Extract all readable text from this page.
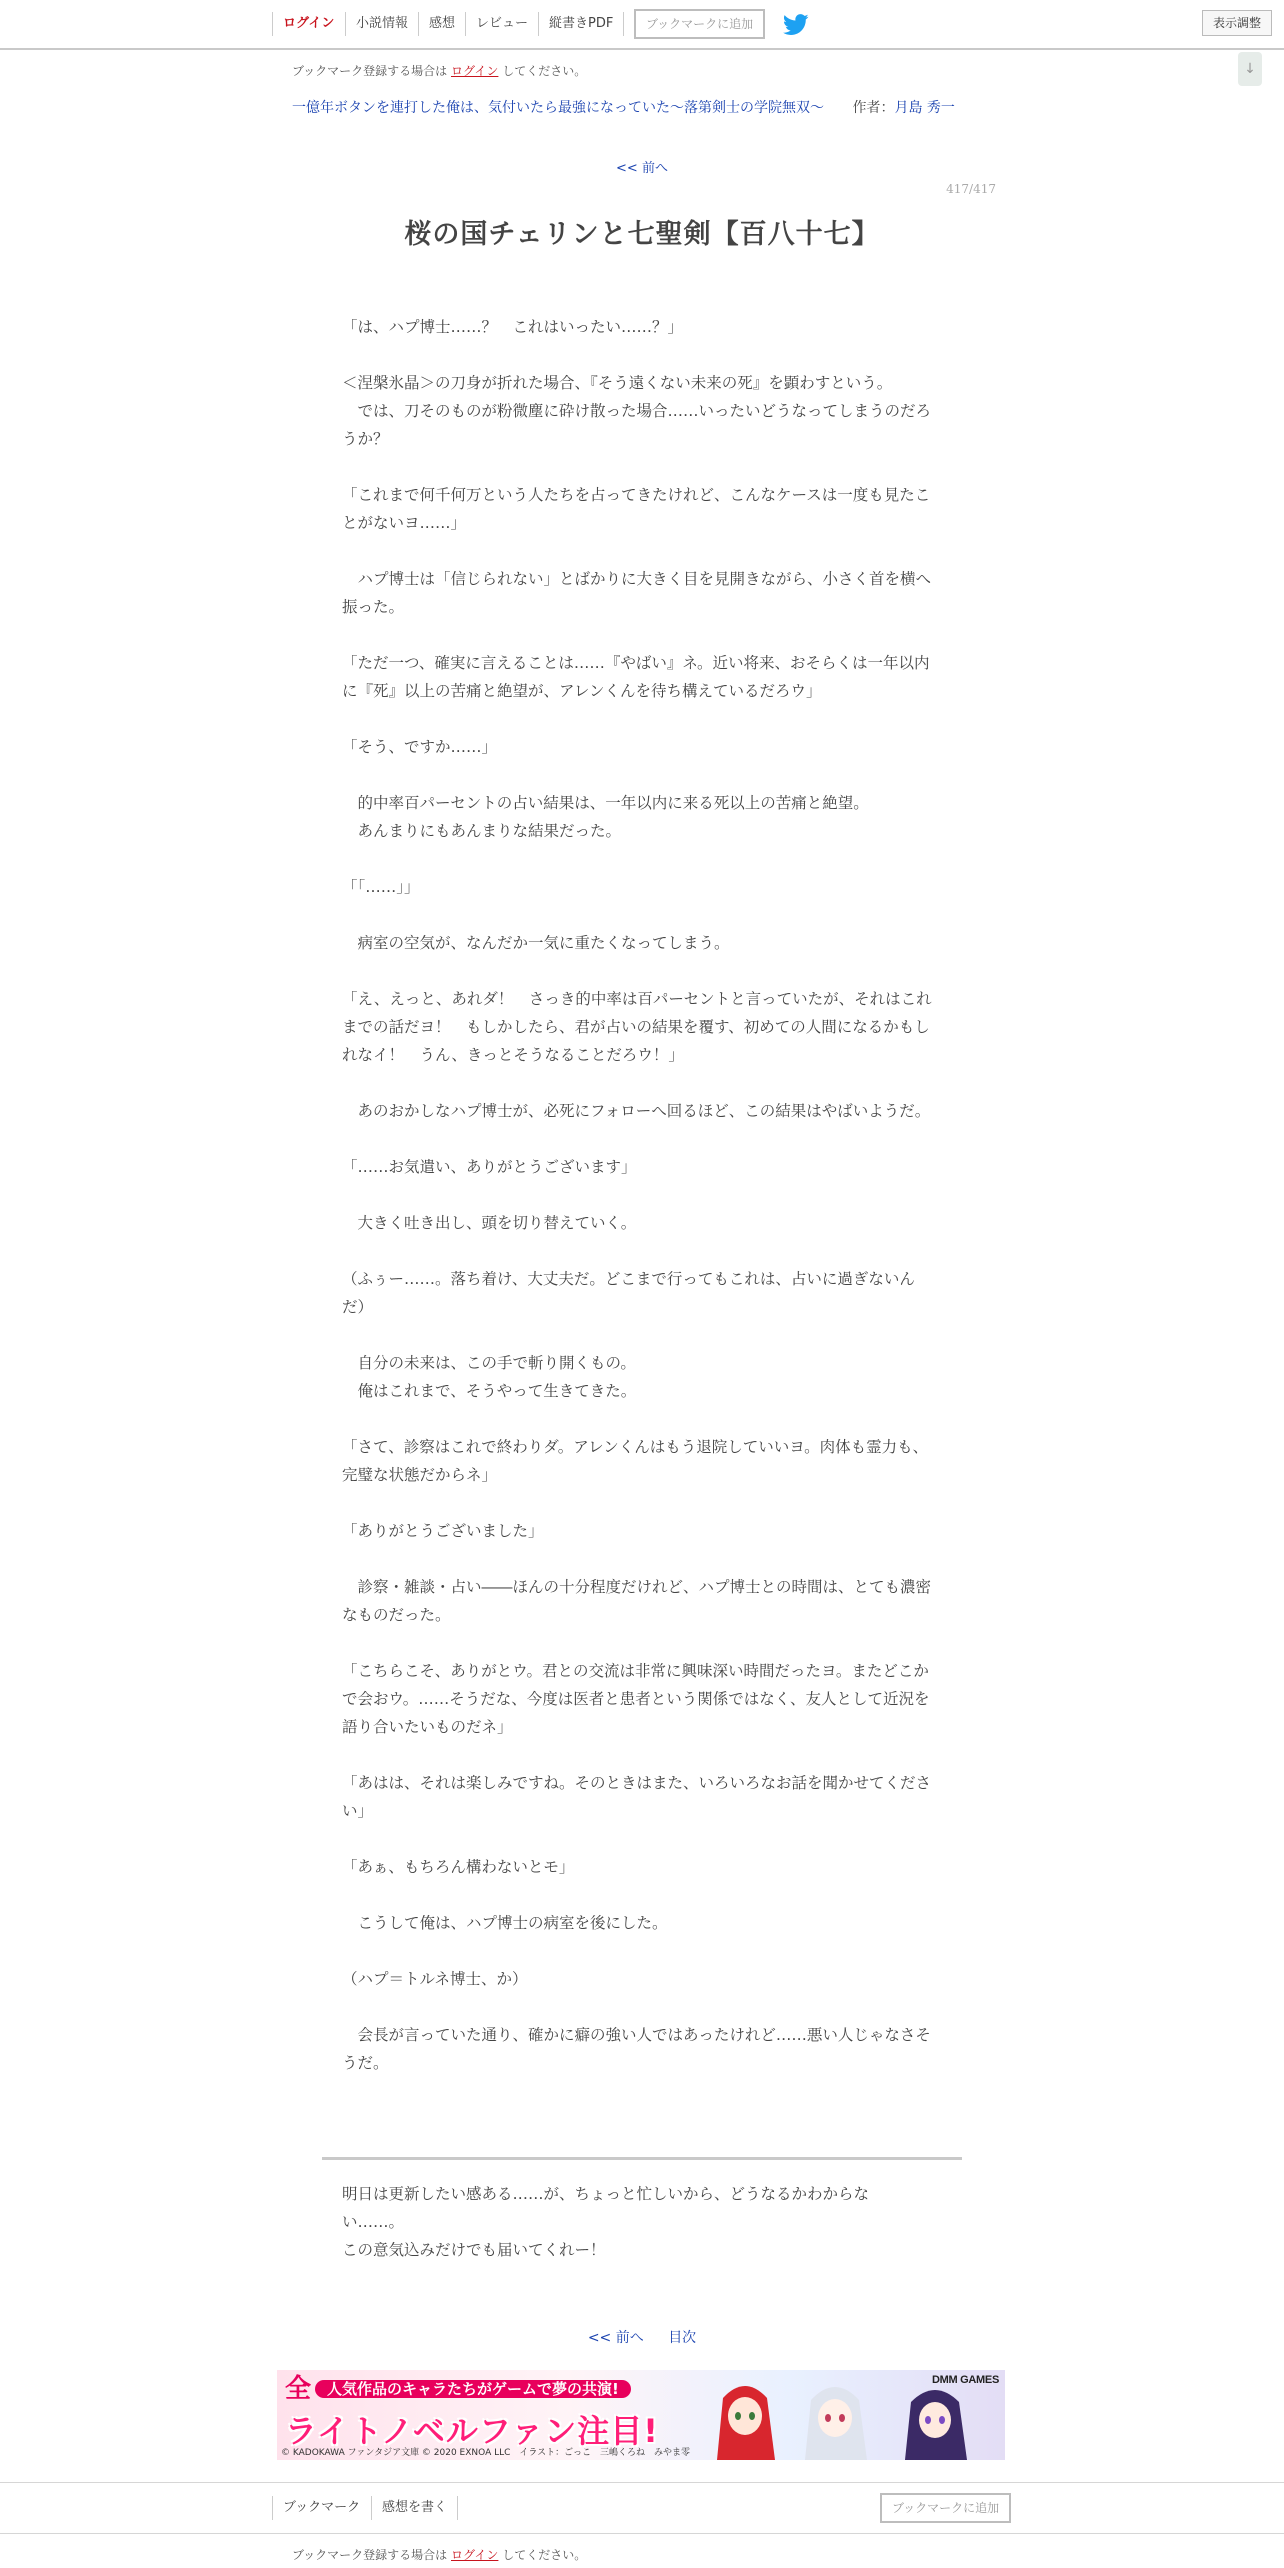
ログイン	小説情報	感想	レビュー	縦書きPDF	ブックマークに追加	表示調整
↓
ブックマーク登録する場合は ログイン してください。
一億年ボタンを連打した俺は、気付いたら最強になっていた～落第剣士の学院無双～ 作者：月島 秀一
<< 前へ
417/417
桜の国チェリンと七聖剣【百八十七】

「は、ハプ博士……？　これはいったい……？」

＜涅槃氷晶＞の刀身が折れた場合、『そう遠くない未来の死』を顕わすという。

　では、刀そのものが粉微塵に砕け散った場合……いったいどうなってしまうのだろうか？

「これまで何千何万という人たちを占ってきたけれど、こんなケースは一度も見たことがないヨ……」

　ハプ博士は「信じられない」とばかりに大きく目を見開きながら、小さく首を横へ振った。

「ただ一つ、確実に言えることは……『やばい』ネ。近い将来、おそらくは一年以内に『死』以上の苦痛と絶望が、アレンくんを待ち構えているだろウ」

「そう、ですか……」

　的中率百パーセントの占い結果は、一年以内に来る死以上の苦痛と絶望。

　あんまりにもあんまりな結果だった。

「「……」」

　病室の空気が、なんだか一気に重たくなってしまう。

「え、えっと、あれダ！　さっき的中率は百パーセントと言っていたが、それはこれまでの話だヨ！　もしかしたら、君が占いの結果を覆す、初めての人間になるかもしれなイ！　うん、きっとそうなることだろウ！」

　あのおかしなハプ博士が、必死にフォローへ回るほど、この結果はやばいようだ。

「……お気遣い、ありがとうございます」

　大きく吐き出し、頭を切り替えていく。

（ふぅー……。落ち着け、大丈夫だ。どこまで行ってもこれは、占いに過ぎないんだ）

　自分の未来は、この手で斬り開くもの。

　俺はこれまで、そうやって生きてきた。

「さて、診察はこれで終わりダ。アレンくんはもう退院していいヨ。肉体も霊力も、完璧な状態だからネ」

「ありがとうございました」

　診察・雑談・占い――ほんの十分程度だけれど、ハプ博士との時間は、とても濃密なものだった。

「こちらこそ、ありがとウ。君との交流は非常に興味深い時間だったヨ。またどこかで会おウ。……そうだな、今度は医者と患者という関係ではなく、友人として近況を語り合いたいものだネ」

「あはは、それは楽しみですね。そのときはまた、いろいろなお話を聞かせてください」

「あぁ、もちろん構わないとモ」

　こうして俺は、ハプ博士の病室を後にした。

（ハプ＝トルネ博士、か）

　会長が言っていた通り、確かに癖の強い人ではあったけれど……悪い人じゃなさそうだ。

明日は更新したい感ある……が、ちょっと忙しいから、どうなるかわからない……。

この意気込みだけでも届いてくれー！

<< 前へ 目次
全 人気作品のキャラたちがゲームで夢の共演!
ライトノベルファン注目!
DMM GAMES
© KADOKAWA ファンタジア文庫 © 2020 EXNOA LLC　イラスト：ごっこ　三嶋くろね　みやま零
ブックマーク	感想を書く	ブックマークに追加
ブックマーク登録する場合は ログイン してください。
